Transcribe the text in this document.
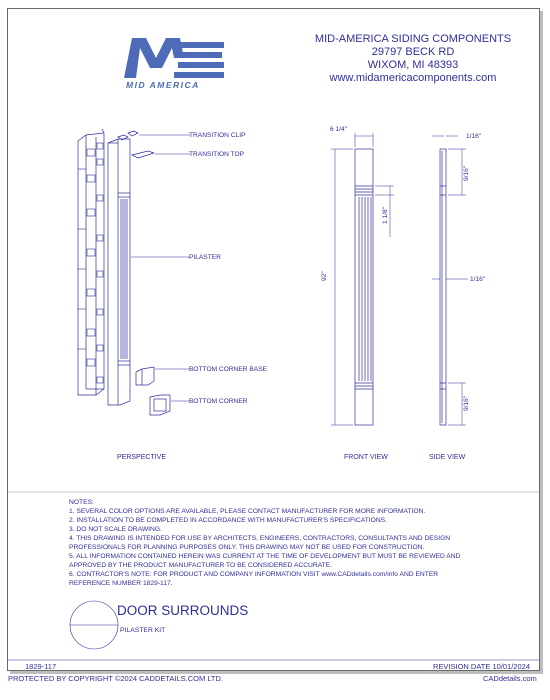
MID AMERICA
MID-AMERICA SIDING COMPONENTS
29797 BECK RD
WIXOM, MI 48393
www.midamericacomponents.com
TRANSITION CLIP
TRANSITION TOP
PILASTER
BOTTOM CORNER BASE
BOTTOM CORNER
6 1/4"
92"
1 1/8"
1/16"
9/16"
1/16"
9/16"
PERSPECTIVE	FRONT VIEW	SIDE VIEW
NOTES:
1. SEVERAL COLOR OPTIONS ARE AVAILABLE, PLEASE CONTACT MANUFACTURER FOR MORE INFORMATION.
2. INSTALLATION TO BE COMPLETED IN ACCORDANCE WITH MANUFACTURER'S SPECIFICATIONS.
3. DO NOT SCALE DRAWING.
4. THIS DRAWING IS INTENDED FOR USE BY ARCHITECTS, ENGINEERS, CONTRACTORS, CONSULTANTS AND DESIGN
PROFESSIONALS FOR PLANNING PURPOSES ONLY. THIS DRAWING MAY NOT BE USED FOR CONSTRUCTION.
5. ALL INFORMATION CONTAINED HEREIN WAS CURRENT AT THE TIME OF DEVELOPMENT BUT MUST BE REVIEWED AND
APPROVED BY THE PRODUCT MANUFACTURER TO BE CONSIDERED ACCURATE.
6. CONTRACTOR'S NOTE: FOR PRODUCT AND COMPANY INFORMATION VISIT www.CADdetails.com/info AND ENTER
REFERENCE NUMBER 1829-117.
DOOR SURROUNDS
PILASTER KIT
1829-117	REVISION DATE 10/01/2024
PROTECTED BY COPYRIGHT ©2024 CADDETAILS.COM LTD.	CADdetails.com
